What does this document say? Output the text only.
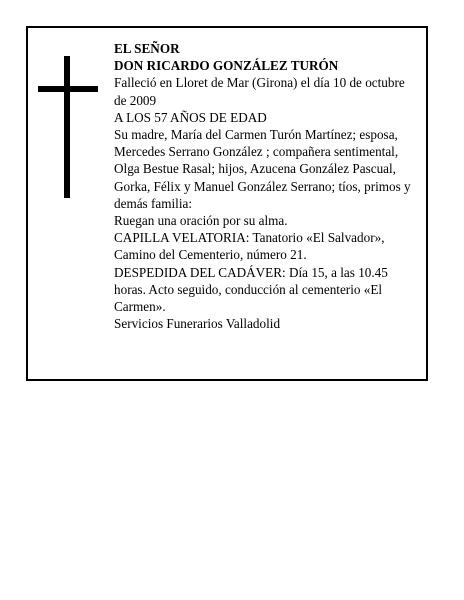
EL SEÑOR

DON RICARDO GONZÁLEZ TURÓN

Falleció en Lloret de Mar (Girona) el día 10 de octubre de 2009

A LOS 57 AÑOS DE EDAD

Su madre, María del Carmen Turón Martínez; esposa, Mercedes Serrano González ; compañera sentimental, Olga Bestue Rasal; hijos, Azucena González Pascual, Gorka, Félix y Manuel González Serrano; tíos, primos y demás familia:

Ruegan una oración por su alma.

CAPILLA VELATORIA: Tanatorio «El Salvador», Camino del Cementerio, número 21.

DESPEDIDA DEL CADÁVER: Día 15, a las 10.45 horas. Acto seguido, conducción al cementerio «El Carmen».

Servicios Funerarios Valladolid
